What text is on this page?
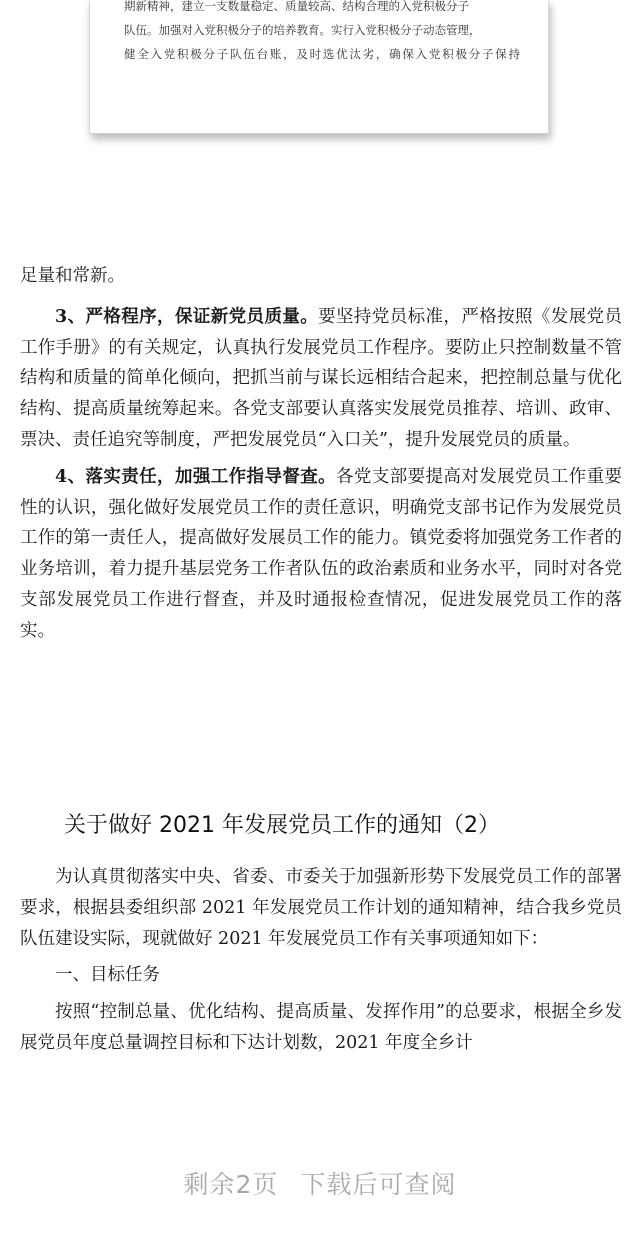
期新精神，建立一支数量稳定、质量较高、结构合理的入党积极分子
队伍。加强对入党积极分子的培养教育。实行入党积极分子动态管理，
健全入党积极分子队伍台账，及时选优汰劣，确保入党积极分子保持

足量和常新。

3、严格程序，保证新党员质量。要坚持党员标准，严格按照《发展党员工作手册》的有关规定，认真执行发展党员工作程序。要防止只控制数量不管结构和质量的简单化倾向，把抓当前与谋长远相结合起来，把控制总量与优化结构、提高质量统筹起来。各党支部要认真落实发展党员推荐、培训、政审、票决、责任追究等制度，严把发展党员“入口关”，提升发展党员的质量。

4、落实责任，加强工作指导督查。各党支部要提高对发展党员工作重要性的认识，强化做好发展党员工作的责任意识，明确党支部书记作为发展党员工作的第一责任人，提高做好发展员工作的能力。镇党委将加强党务工作者的业务培训，着力提升基层党务工作者队伍的政治素质和业务水平，同时对各党支部发展党员工作进行督查，并及时通报检查情况，促进发展党员工作的落实。

关于做好 2021 年发展党员工作的通知（2）

为认真贯彻落实中央、省委、市委关于加强新形势下发展党员工作的部署要求，根据县委组织部 2021 年发展党员工作计划的通知精神，结合我乡党员队伍建设实际，现就做好 2021 年发展党员工作有关事项通知如下：

一、目标任务

按照“控制总量、优化结构、提高质量、发挥作用”的总要求，根据全乡发展党员年度总量调控目标和下达计划数，2021 年度全乡计

剩余2页 下载后可查阅
